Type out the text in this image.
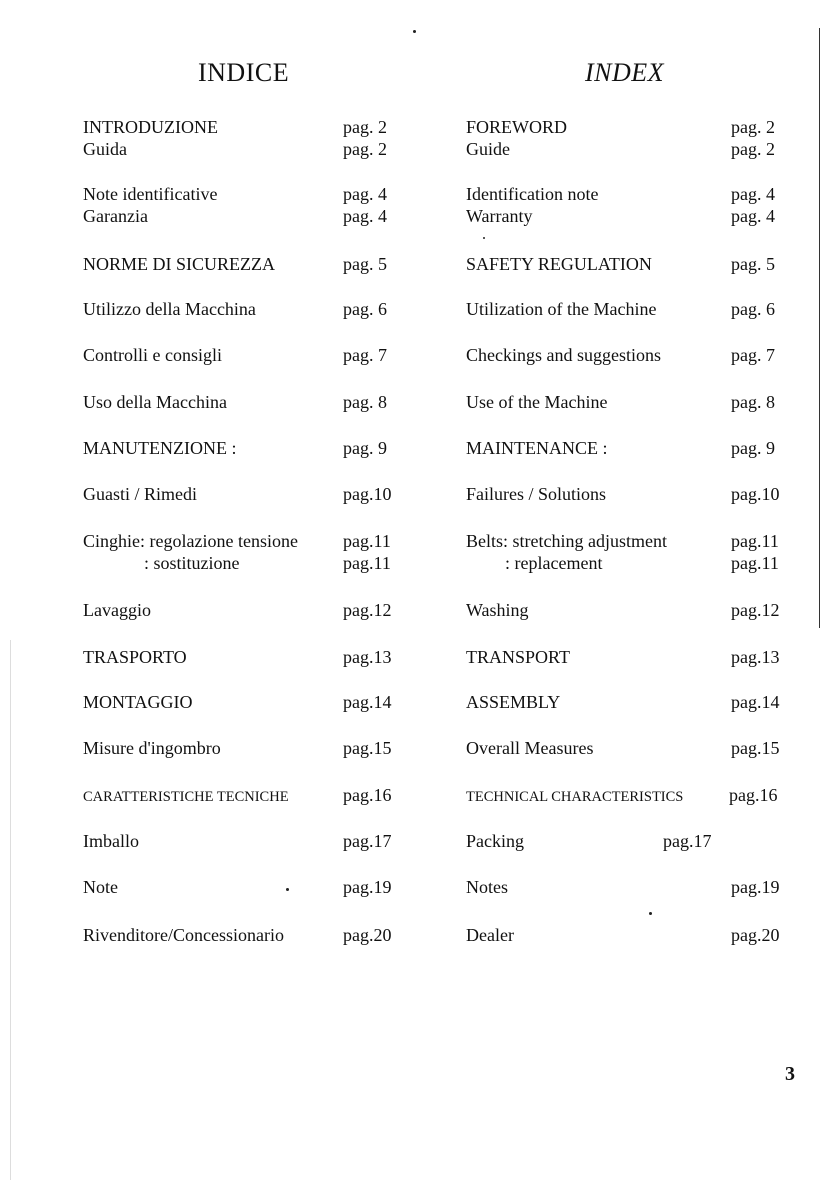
INDICE	INDEX
INTRODUZIONE	pag. 2
Guida	pag. 2
Note identificative	pag. 4
Garanzia	pag. 4
NORME DI SICUREZZA	pag. 5
Utilizzo della Macchina	pag. 6
Controlli e consigli	pag. 7
Uso della Macchina	pag. 8
MANUTENZIONE :	pag. 9
Guasti / Rimedi	pag.10
Cinghie: regolazione tensione	pag.11
: sostituzione	pag.11
Lavaggio	pag.12
TRASPORTO	pag.13
MONTAGGIO	pag.14
Misure d'ingombro	pag.15
CARATTERISTICHE TECNICHE	pag.16
Imballo	pag.17
Note	pag.19
Rivenditore/Concessionario	pag.20
FOREWORD	pag. 2
Guide	pag. 2
Identification note	pag. 4
Warranty	pag. 4
SAFETY REGULATION	pag. 5
Utilization of the Machine	pag. 6
Checkings and suggestions	pag. 7
Use of the Machine	pag. 8
MAINTENANCE :	pag. 9
Failures / Solutions	pag.10
Belts: stretching adjustment	pag.11
: replacement	pag.11
Washing	pag.12
TRANSPORT	pag.13
ASSEMBLY	pag.14
Overall Measures	pag.15
TECHNICAL CHARACTERISTICS	pag.16
Packing	pag.17
Notes	pag.19
Dealer	pag.20
3
